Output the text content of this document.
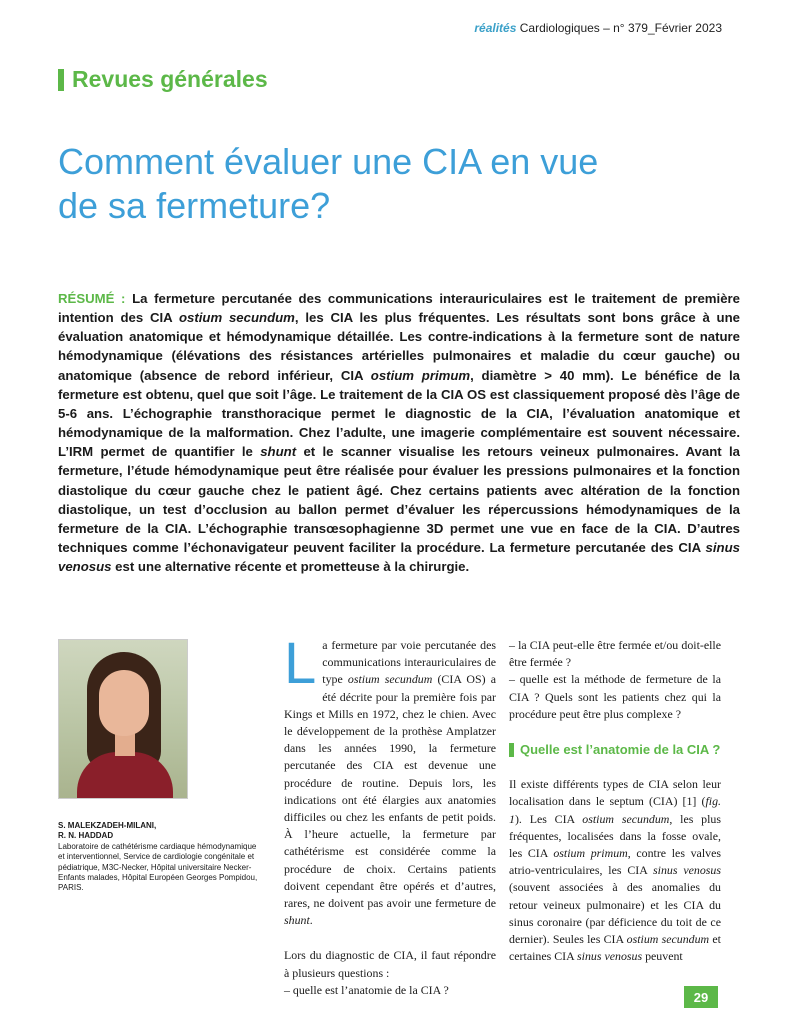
réalités Cardiologiques – n° 379_Février 2023
Revues générales
Comment évaluer une CIA en vue
de sa fermeture?
RÉSUMÉ : La fermeture percutanée des communications interauriculaires est le traitement de première intention des CIA ostium secundum, les CIA les plus fréquentes. Les résultats sont bons grâce à une évaluation anatomique et hémodynamique détaillée. Les contre-indications à la fermeture sont de nature hémodynamique (élévations des résistances artérielles pulmonaires et maladie du cœur gauche) ou anatomique (absence de rebord inférieur, CIA ostium primum, diamètre > 40 mm). Le bénéfice de la fermeture est obtenu, quel que soit l’âge. Le traitement de la CIA OS est classiquement proposé dès l’âge de 5-6 ans. L’échographie transthoracique permet le diagnostic de la CIA, l’évaluation anatomique et hémodynamique de la malformation. Chez l’adulte, une imagerie complémentaire est souvent nécessaire. L’IRM permet de quantifier le shunt et le scanner visualise les retours veineux pulmonaires. Avant la fermeture, l’étude hémodynamique peut être réalisée pour évaluer les pressions pulmonaires et la fonction diastolique du cœur gauche chez le patient âgé. Chez certains patients avec altération de la fonction diastolique, un test d’occlusion au ballon permet d’évaluer les répercussions hémodynamiques de la fermeture de la CIA. L’échographie transœsophagienne 3D permet une vue en face de la CIA. D’autres techniques comme l’échonavigateur peuvent faciliter la procédure. La fermeture percutanée des CIA sinus venosus est une alternative récente et prometteuse à la chirurgie.
S. MALEKZADEH-MILANI,
R. N. HADDAD
Laboratoire de cathétérisme cardiaque hémodynamique et interventionnel, Service de cardiologie congénitale et pédiatrique, M3C-Necker, Hôpital universitaire Necker-Enfants malades, Hôpital Européen Georges Pompidou, PARIS.

La fermeture par voie percutanée des communications interauriculaires de type ostium secundum (CIA OS) a été décrite pour la première fois par Kings et Mills en 1972, chez le chien. Avec le développement de la prothèse Amplatzer dans les années 1990, la fermeture percutanée des CIA est devenue une procédure de routine. Depuis lors, les indications ont été élargies aux anatomies difficiles ou chez les enfants de petit poids. À l’heure actuelle, la fermeture par cathétérisme est considérée comme la procédure de choix. Certains patients doivent cependant être opérés et d’autres, rares, ne doivent pas avoir une fermeture de shunt.

Lors du diagnostic de CIA, il faut répondre à plusieurs questions :

– quelle est l’anatomie de la CIA ?

– la CIA peut-elle être fermée et/ou doit-elle être fermée ?

– quelle est la méthode de fermeture de la CIA ? Quels sont les patients chez qui la procédure peut être plus complexe ?

Quelle est l’anatomie de la CIA ?

Il existe différents types de CIA selon leur localisation dans le septum (CIA) [1] (fig. 1). Les CIA ostium secundum, les plus fréquentes, localisées dans la fosse ovale, les CIA ostium primum, contre les valves atrio-ventriculaires, les CIA sinus venosus (souvent associées à des anomalies du retour veineux pulmonaire) et les CIA du sinus coronaire (par déficience du toit de ce dernier). Seules les CIA ostium secundum et certaines CIA sinus venosus peuvent

29
